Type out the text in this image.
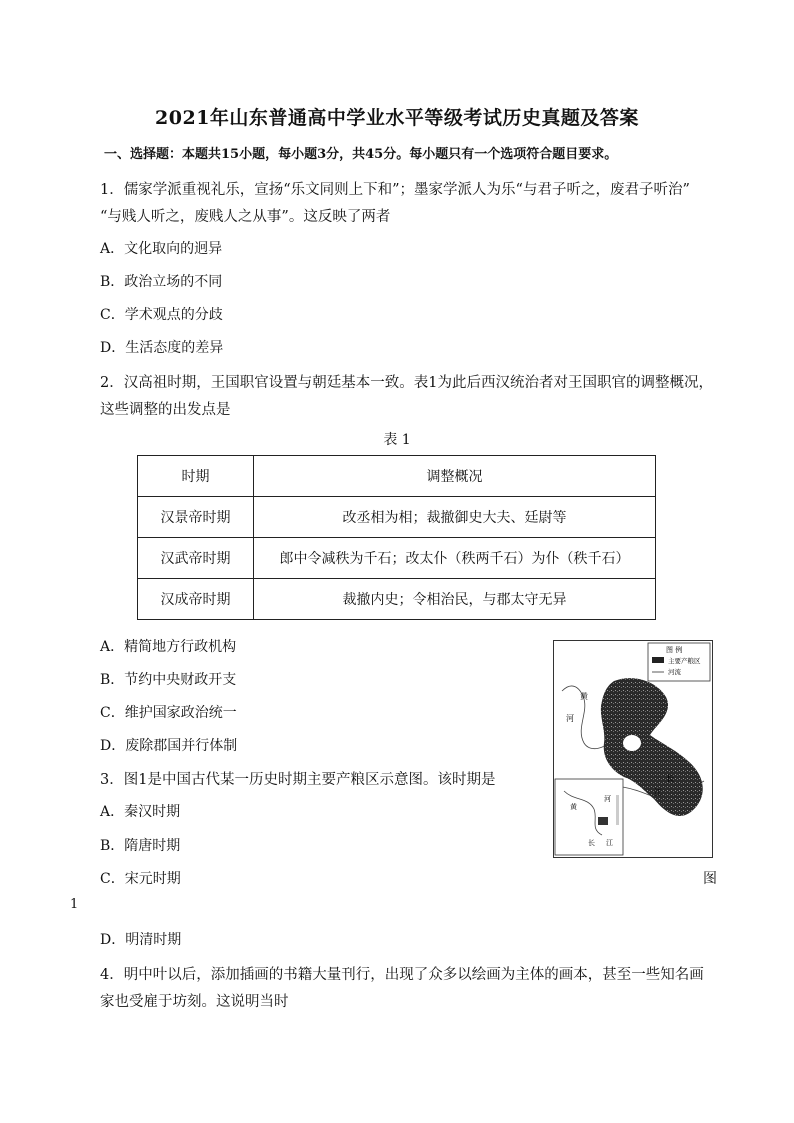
2021年山东普通高中学业水平等级考试历史真题及答案
一、选择题：本题共15小题，每小题3分，共45分。每小题只有一个选项符合题目要求。
1．儒家学派重视礼乐，宣扬“乐文同则上下和”；墨家学派人为乐“与君子听之，废君子听治”
“与贱人听之，废贱人之从事”。这反映了两者
A．文化取向的迥异
B．政治立场的不同
C．学术观点的分歧
D．生活态度的差异
2．汉高祖时期，王国职官设置与朝廷基本一致。表1为此后西汉统治者对王国职官的调整概况，
这些调整的出发点是
表 1
时期	调整概况
汉景帝时期	改丞相为相；裁撤御史大夫、廷尉等
汉武帝时期	郎中令减秩为千石；改太仆（秩两千石）为仆（秩千石）
汉成帝时期	裁撤内史；令相治民，与郡太守无异
A．精简地方行政机构
B．节约中央财政开支
C．维护国家政治统一
D．废除郡国并行体制
3．图1是中国古代某一历史时期主要产粮区示意图。该时期是
A．秦汉时期
B．隋唐时期
C．宋元时期	图
1
D．明清时期
图 例
主要产粮区
河流
黄
河
长
江
河
黄
长 江
4．明中叶以后，添加插画的书籍大量刊行，出现了众多以绘画为主体的画本，甚至一些知名画
家也受雇于坊刻。这说明当时
